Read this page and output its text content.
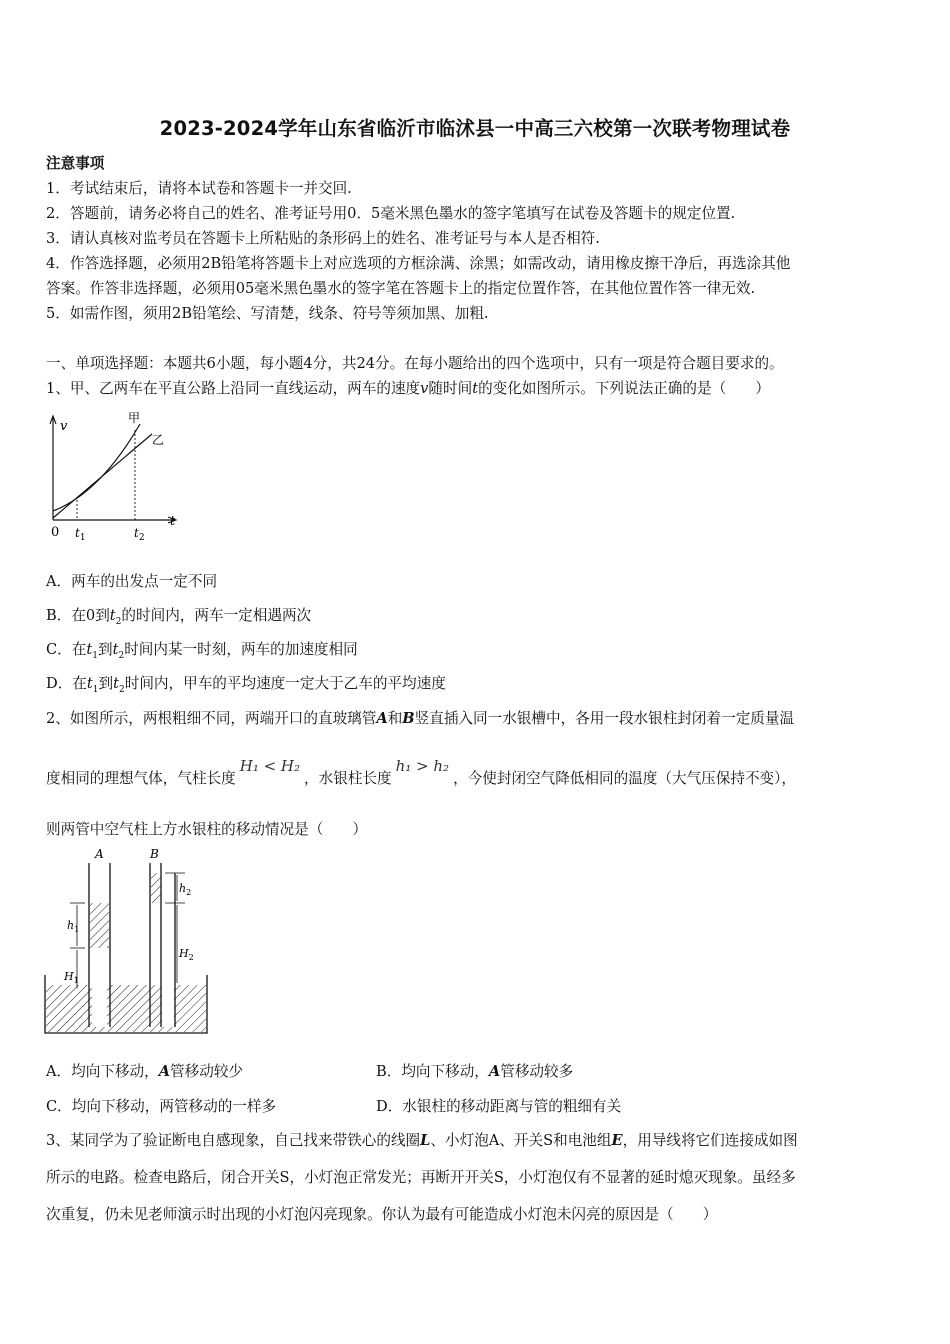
2023-2024学年山东省临沂市临沭县一中高三六校第一次联考物理试卷
注意事项
1．考试结束后，请将本试卷和答题卡一并交回.
2．答题前，请务必将自己的姓名、准考证号用0．5毫米黑色墨水的签字笔填写在试卷及答题卡的规定位置.
3．请认真核对监考员在答题卡上所粘贴的条形码上的姓名、准考证号与本人是否相符.
4．作答选择题，必须用2B铅笔将答题卡上对应选项的方框涂满、涂黑；如需改动，请用橡皮擦干净后，再选涂其他
答案。作答非选择题，必须用05毫米黑色墨水的签字笔在答题卡上的指定位置作答，在其他位置作答一律无效.
5．如需作图，须用2B铅笔绘、写清楚，线条、符号等须加黑、加粗.
一、单项选择题：本题共6小题，每小题4分，共24分。在每小题给出的四个选项中，只有一项是符合题目要求的。
1、甲、乙两车在平直公路上沿同一直线运动，两车的速度v随时间t的变化如图所示。下列说法正确的是（　　）
v
t
0
甲
乙
$t_1$	$t_2$
A．两车的出发点一定不同
B．在0到$t_2$的时间内，两车一定相遇两次
C．在$t_1$到$t_2$时间内某一时刻，两车的加速度相同
D．在$t_1$到$t_2$时间内，甲车的平均速度一定大于乙车的平均速度
2、如图所示，两根粗细不同，两端开口的直玻璃管A和B竖直插入同一水银槽中，各用一段水银柱封闭着一定质量温
度相同的理想气体，气柱长度H₁ < H₂，水银柱长度h₁ > h₂，今使封闭空气降低相同的温度（大气压保持不变），
则两管中空气柱上方水银柱的移动情况是（　　）
A	B
$h_1$
$H_1$
$h_2$
$H_2$
A．均向下移动，A管移动较少	B．均向下移动，A管移动较多
C．均向下移动，两管移动的一样多	D．水银柱的移动距离与管的粗细有关
3、某同学为了验证断电自感现象，自己找来带铁心的线圈L、小灯泡A、开关S和电池组E，用导线将它们连接成如图
所示的电路。检查电路后，闭合开关S，小灯泡正常发光；再断开开关S，小灯泡仅有不显著的延时熄灭现象。虽经多
次重复，仍未见老师演示时出现的小灯泡闪亮现象。你认为最有可能造成小灯泡未闪亮的原因是（　　）
